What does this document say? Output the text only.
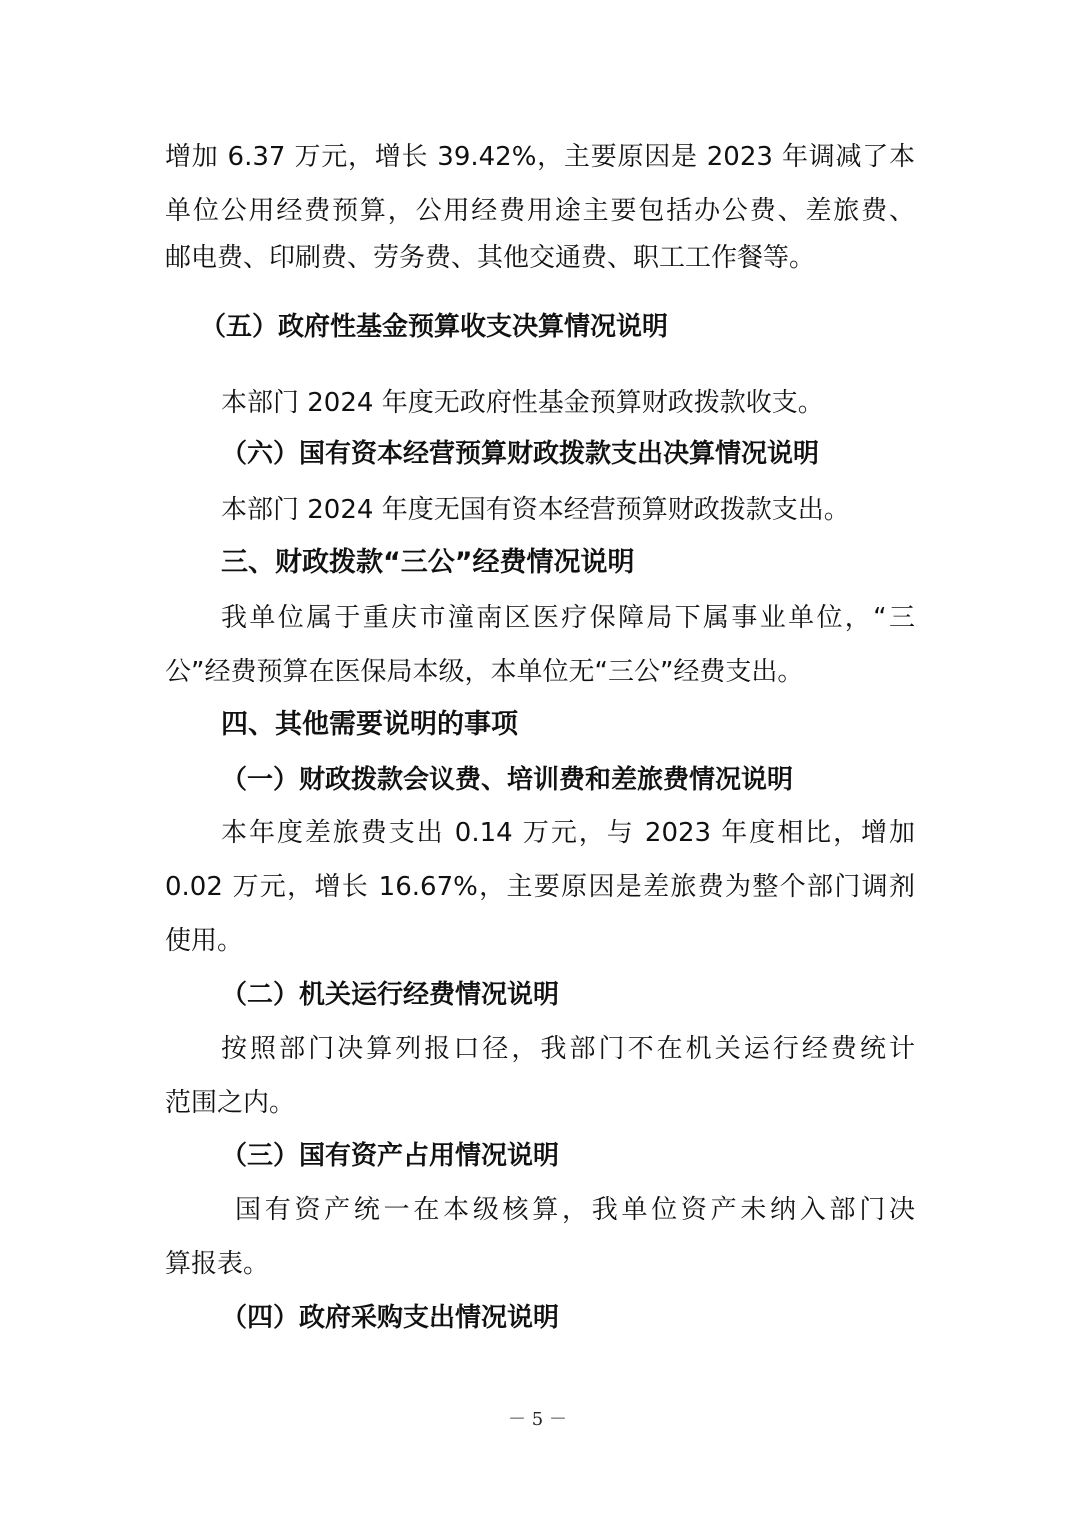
增加 6.37 万元，增长 39.42%，主要原因是 2023 年调减了本
单位公用经费预算，公用经费用途主要包括办公费、差旅费、
邮电费、印刷费、劳务费、其他交通费、职工工作餐等。
（五）政府性基金预算收支决算情况说明
本部门 2024 年度无政府性基金预算财政拨款收支。
（六）国有资本经营预算财政拨款支出决算情况说明
本部门 2024 年度无国有资本经营预算财政拨款支出。
三、财政拨款“三公”经费情况说明
我单位属于重庆市潼南区医疗保障局下属事业单位，“三
公”经费预算在医保局本级，本单位无“三公”经费支出。
四、其他需要说明的事项
（一）财政拨款会议费、培训费和差旅费情况说明
本年度差旅费支出 0.14 万元，与 2023 年度相比，增加
0.02 万元，增长 16.67%，主要原因是差旅费为整个部门调剂
使用。
（二）机关运行经费情况说明
按照部门决算列报口径，我部门不在机关运行经费统计
范围之内。
（三）国有资产占用情况说明
国有资产统一在本级核算，我单位资产未纳入部门决
算报表。
（四）政府采购支出情况说明
－ 5 －
